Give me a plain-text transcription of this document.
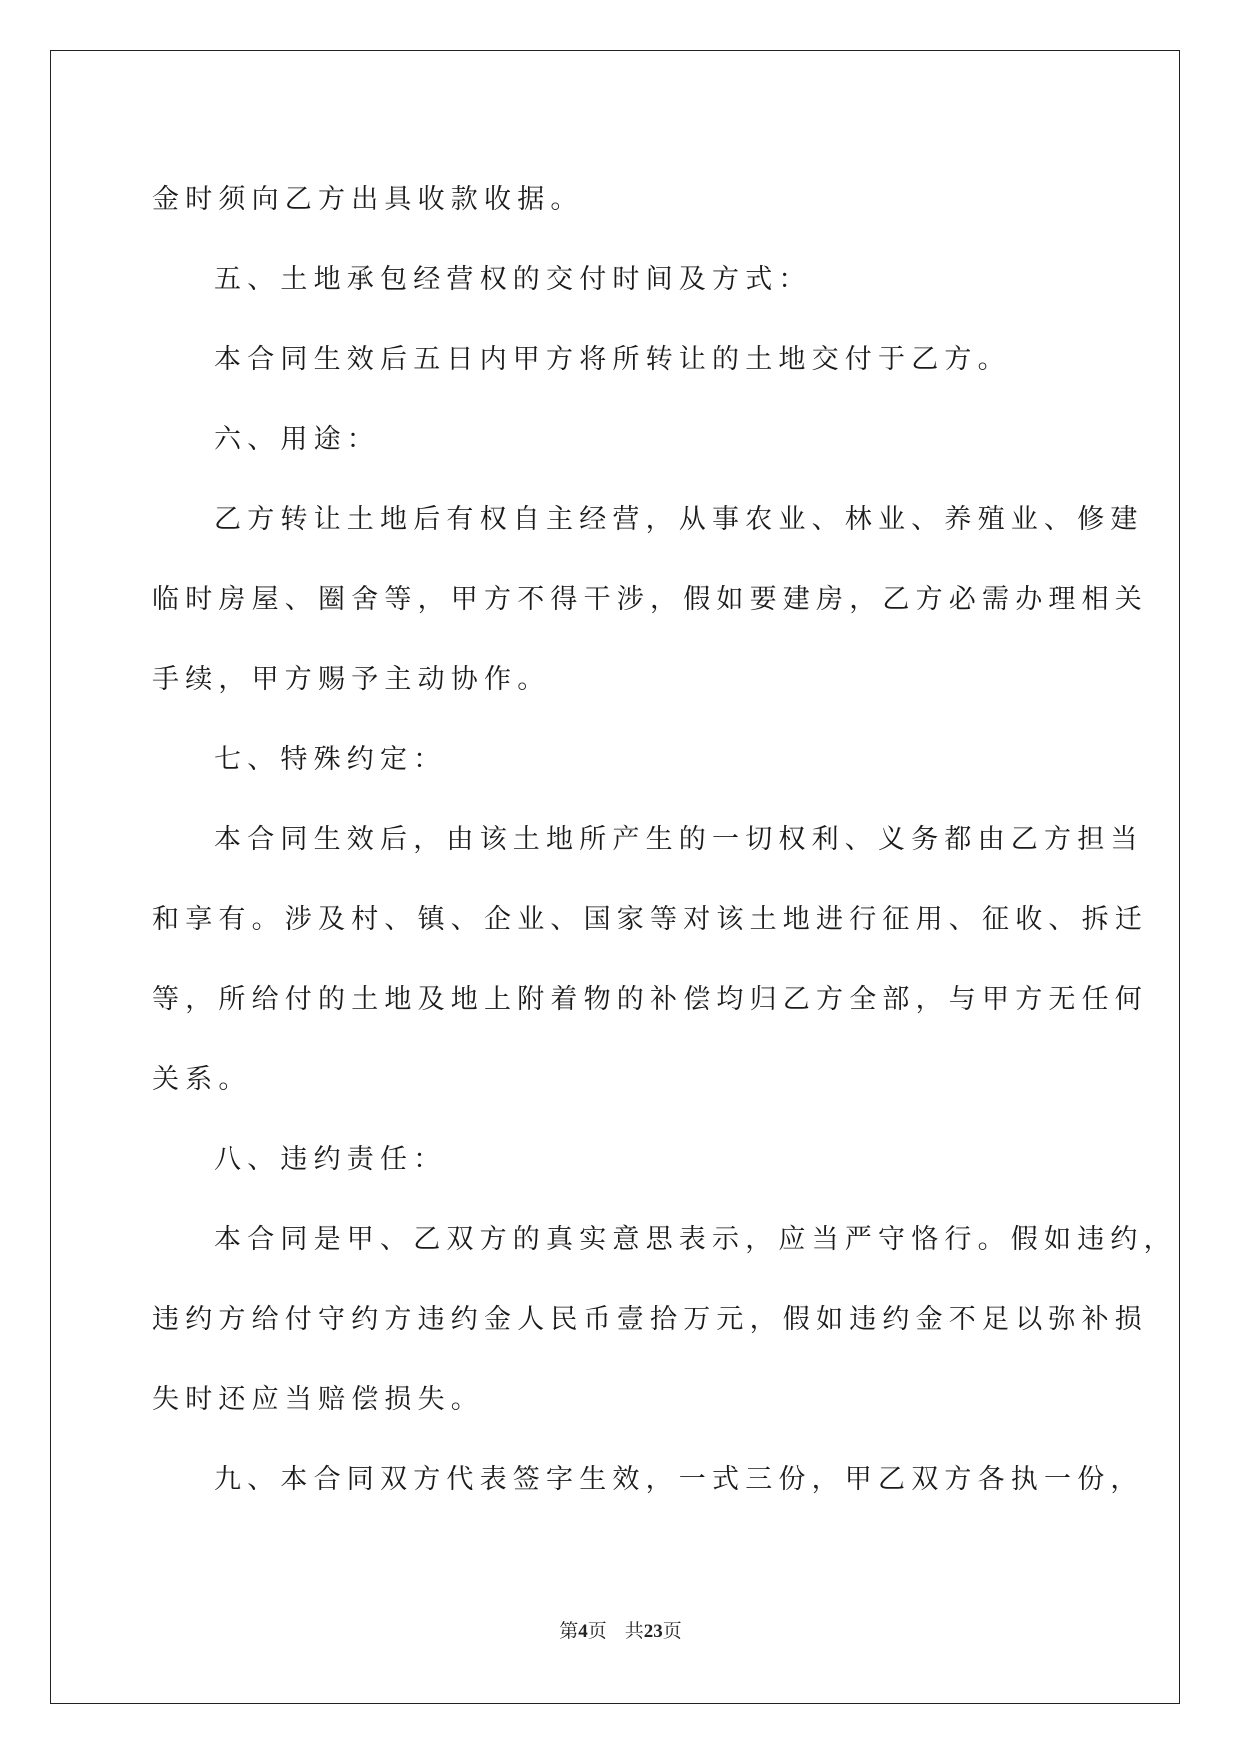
金时须向乙方出具收款收据。

五、土地承包经营权的交付时间及方式：

本合同生效后五日内甲方将所转让的土地交付于乙方。

六、用途：

乙方转让土地后有权自主经营，从事农业、林业、养殖业、修建

临时房屋、圈舍等，甲方不得干涉，假如要建房，乙方必需办理相关

手续，甲方赐予主动协作。

七、特殊约定：

本合同生效后，由该土地所产生的一切权利、义务都由乙方担当

和享有。涉及村、镇、企业、国家等对该土地进行征用、征收、拆迁

等，所给付的土地及地上附着物的补偿均归乙方全部，与甲方无任何

关系。

八、违约责任：

本合同是甲、乙双方的真实意思表示，应当严守恪行。假如违约，

违约方给付守约方违约金人民币壹拾万元，假如违约金不足以弥补损

失时还应当赔偿损失。

九、本合同双方代表签字生效，一式三份，甲乙双方各执一份，

第4页 共23页
